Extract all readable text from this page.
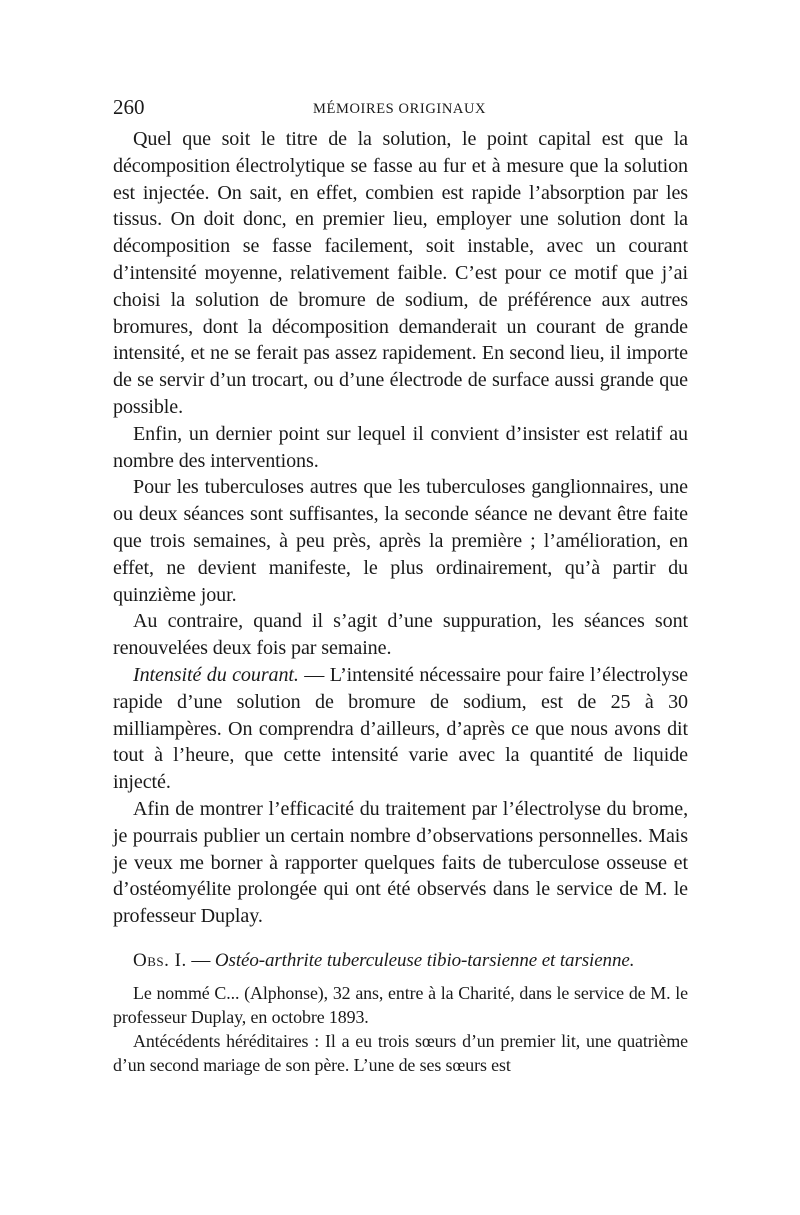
260	MÉMOIRES ORIGINAUX

Quel que soit le titre de la solution, le point capital est que la décomposition électrolytique se fasse au fur et à mesure que la solution est injectée. On sait, en effet, combien est rapide l’absorption par les tissus. On doit donc, en premier lieu, employer une solution dont la décomposition se fasse facilement, soit instable, avec un courant d’intensité moyenne, relativement faible. C’est pour ce motif que j’ai choisi la solution de bromure de sodium, de préférence aux autres bromures, dont la décomposition demanderait un courant de grande intensité, et ne se ferait pas assez rapidement. En second lieu, il importe de se servir d’un trocart, ou d’une électrode de surface aussi grande que possible.

Enfin, un dernier point sur lequel il convient d’insister est relatif au nombre des interventions.

Pour les tuberculoses autres que les tuberculoses ganglionnaires, une ou deux séances sont suffisantes, la seconde séance ne devant être faite que trois semaines, à peu près, après la première ; l’amélioration, en effet, ne devient manifeste, le plus ordinairement, qu’à partir du quinzième jour.

Au contraire, quand il s’agit d’une suppuration, les séances sont renouvelées deux fois par semaine.

Intensité du courant. — L’intensité nécessaire pour faire l’électrolyse rapide d’une solution de bromure de sodium, est de 25 à 30 milliampères. On comprendra d’ailleurs, d’après ce que nous avons dit tout à l’heure, que cette intensité varie avec la quantité de liquide injecté.

Afin de montrer l’efficacité du traitement par l’électrolyse du brome, je pourrais publier un certain nombre d’observations personnelles. Mais je veux me borner à rapporter quelques faits de tuberculose osseuse et d’ostéomyélite prolongée qui ont été observés dans le service de M. le professeur Duplay.

Obs. I. — Ostéo-arthrite tuberculeuse tibio-tarsienne et tarsienne.

Le nommé C... (Alphonse), 32 ans, entre à la Charité, dans le service de M. le professeur Duplay, en octobre 1893.

Antécédents héréditaires : Il a eu trois sœurs d’un premier lit, une quatrième d’un second mariage de son père. L’une de ses sœurs est
